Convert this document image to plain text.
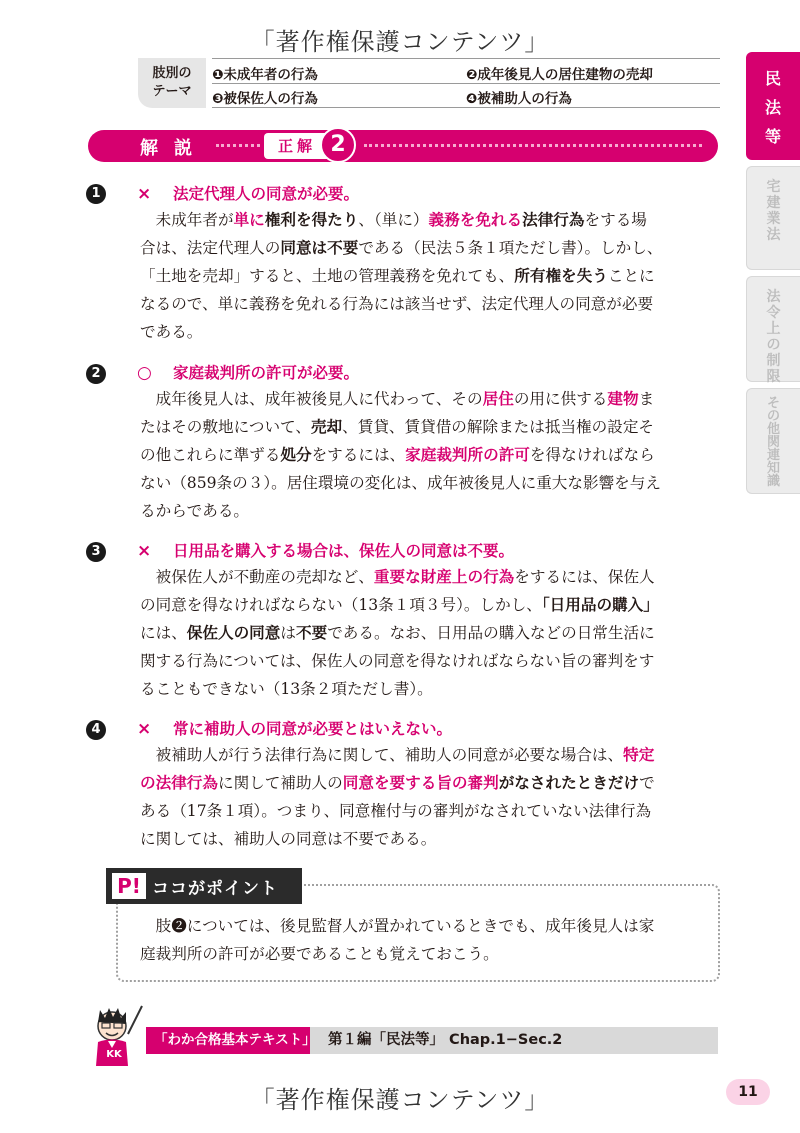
「著作権保護コンテンツ」
肢別の
テーマ
❶未成年者の行為	❷成年後見人の居住建物の売却
❸被保佐人の行為	❹被補助人の行為
民
法
等
宅
建
業
法
法
令
上
の
制
限
そ
の
他
関
連
知
識
解説	正解 2
1	× 法定代理人の同意が必要。
　未成年者が単に権利を得たり、（単に）義務を免れる法律行為をする場
合は、法定代理人の同意は不要である（民法５条１項ただし書）。しかし、
「土地を売却」すると、土地の管理義務を免れても、所有権を失うことに
なるので、単に義務を免れる行為には該当せず、法定代理人の同意が必要
である。
2	○ 家庭裁判所の許可が必要。
　成年後見人は、成年被後見人に代わって、その居住の用に供する建物ま
たはその敷地について、売却、賃貸、賃貸借の解除または抵当権の設定そ
の他これらに準ずる処分をするには、家庭裁判所の許可を得なければなら
ない（859条の３）。居住環境の変化は、成年被後見人に重大な影響を与え
るからである。
3	× 日用品を購入する場合は、保佐人の同意は不要。
　被保佐人が不動産の売却など、重要な財産上の行為をするには、保佐人
の同意を得なければならない（13条１項３号）。しかし、「日用品の購入」
には、保佐人の同意は不要である。なお、日用品の購入などの日常生活に
関する行為については、保佐人の同意を得なければならない旨の審判をす
ることもできない（13条２項ただし書）。
4	× 常に補助人の同意が必要とはいえない。
　被補助人が行う法律行為に関して、補助人の同意が必要な場合は、特定
の法律行為に関して補助人の同意を要する旨の審判がなされたときだけで
ある（17条１項）。つまり、同意権付与の審判がなされていない法律行為
に関しては、補助人の同意は不要である。
P! ココがポイント
　肢❷については、後見監督人が置かれているときでも、成年後見人は家
庭裁判所の許可が必要であることも覚えておこう。
KK
「わか合格基本テキスト」 第１編「民法等」 Chap.1−Sec.2
「著作権保護コンテンツ」	11
